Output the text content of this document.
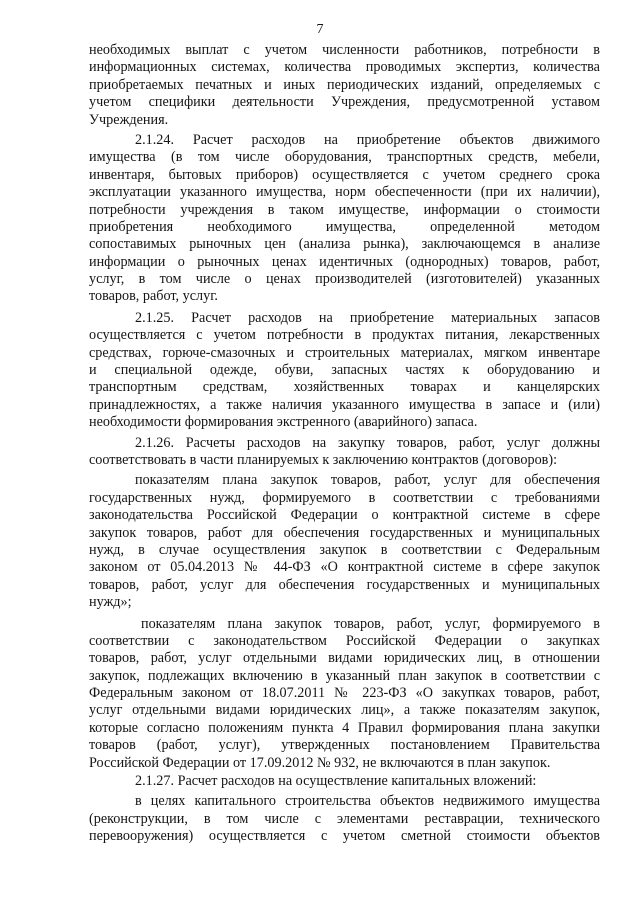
7
необходимых выплат с учетом численности работников, потребности в
информационных системах, количества проводимых экспертиз, количества
приобретаемых печатных и иных периодических изданий, определяемых с
учетом специфики деятельности Учреждения, предусмотренной уставом
Учреждения.
2.1.24. Расчет расходов на приобретение объектов движимого
имущества (в том числе оборудования, транспортных средств, мебели,
инвентаря, бытовых приборов) осуществляется с учетом среднего срока
эксплуатации указанного имущества, норм обеспеченности (при их наличии),
потребности учреждения в таком имуществе, информации о стоимости
приобретения необходимого имущества, определенной методом
сопоставимых рыночных цен (анализа рынка), заключающемся в анализе
информации о рыночных ценах идентичных (однородных) товаров, работ,
услуг, в том числе о ценах производителей (изготовителей) указанных
товаров, работ, услуг.
2.1.25. Расчет расходов на приобретение материальных запасов
осуществляется с учетом потребности в продуктах питания, лекарственных
средствах, горюче-смазочных и строительных материалах, мягком инвентаре
и специальной одежде, обуви, запасных частях к оборудованию и
транспортным средствам, хозяйственных товарах и канцелярских
принадлежностях, а также наличия указанного имущества в запасе и (или)
необходимости формирования экстренного (аварийного) запаса.
2.1.26. Расчеты расходов на закупку товаров, работ, услуг должны
соответствовать в части планируемых к заключению контрактов (договоров):
показателям плана закупок товаров, работ, услуг для обеспечения
государственных нужд, формируемого в соответствии с требованиями
законодательства Российской Федерации о контрактной системе в сфере
закупок товаров, работ для обеспечения государственных и муниципальных
нужд, в случае осуществления закупок в соответствии с Федеральным
законом от 05.04.2013 № 44-ФЗ «О контрактной системе в сфере закупок
товаров, работ, услуг для обеспечения государственных и муниципальных
нужд»;
показателям плана закупок товаров, работ, услуг, формируемого в
соответствии с законодательством Российской Федерации о закупках
товаров, работ, услуг отдельными видами юридических лиц, в отношении
закупок, подлежащих включению в указанный план закупок в соответствии с
Федеральным законом от 18.07.2011 № 223-ФЗ «О закупках товаров, работ,
услуг отдельными видами юридических лиц», а также показателям закупок,
которые согласно положениям пункта 4 Правил формирования плана закупки
товаров (работ, услуг), утвержденных постановлением Правительства
Российской Федерации от 17.09.2012 № 932, не включаются в план закупок.
2.1.27. Расчет расходов на осуществление капитальных вложений:
в целях капитального строительства объектов недвижимого имущества
(реконструкции, в том числе с элементами реставрации, технического
перевооружения) осуществляется с учетом сметной стоимости объектов
